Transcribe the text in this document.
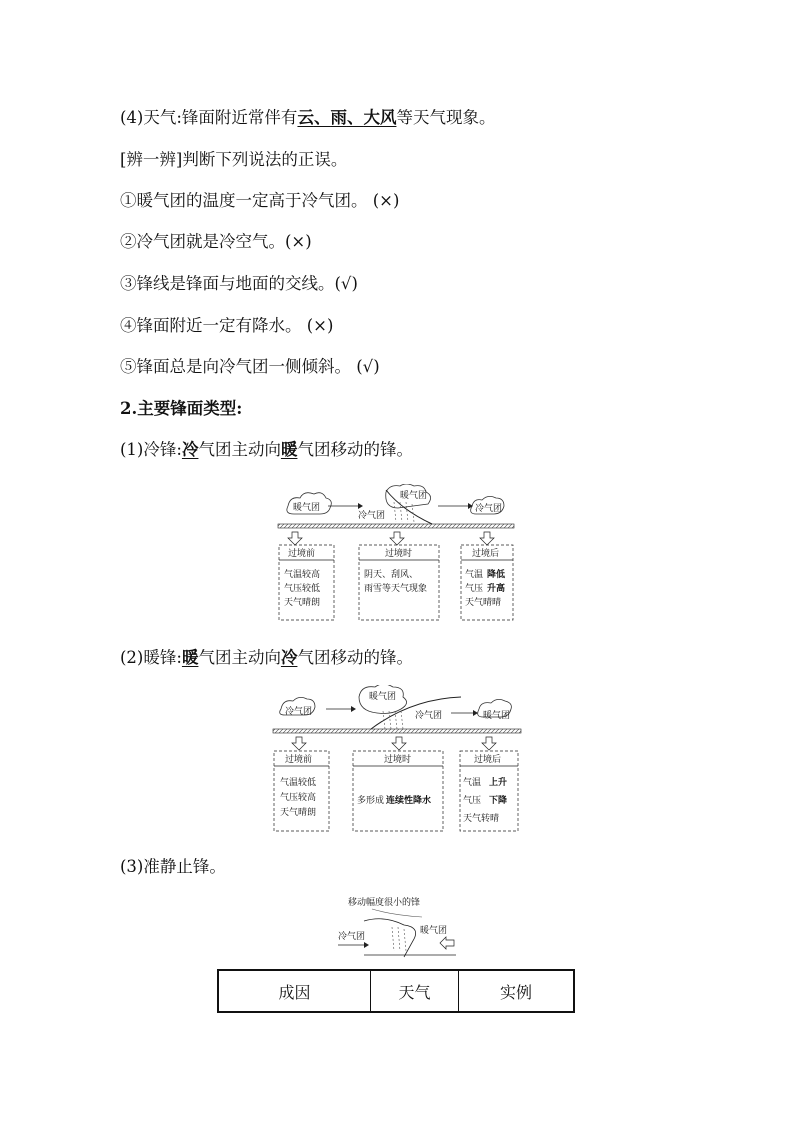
(4)天气:锋面附近常伴有云、雨、大风等天气现象。
[辨一辨]判断下列说法的正误。
①暖气团的温度一定高于冷气团。 (×)
②冷气团就是冷空气。(×)
③锋线是锋面与地面的交线。(√)
④锋面附近一定有降水。 (×)
⑤锋面总是向冷气团一侧倾斜。 (√)
2.主要锋面类型:
(1)冷锋:冷气团主动向暖气团移动的锋。
(2)暖锋:暖气团主动向冷气团移动的锋。
(3)准静止锋。
暖气团
暖气团
冷气团
冷气团
过境前
气温较高
气压较低
天气晴朗
过境时
阴天、刮风、
雨雪等天气现象
过境后
气温 降低
气压 升高
天气晴晴
冷气团
暖气团
冷气团	暖气团
过境前
气温较低
气压较高
天气晴朗
过境时
多形成 连续性降水
过境后
气温 上升
气压 下降
天气转晴
移动幅度很小的锋
冷气团
暖气团
成因	天气	实例
